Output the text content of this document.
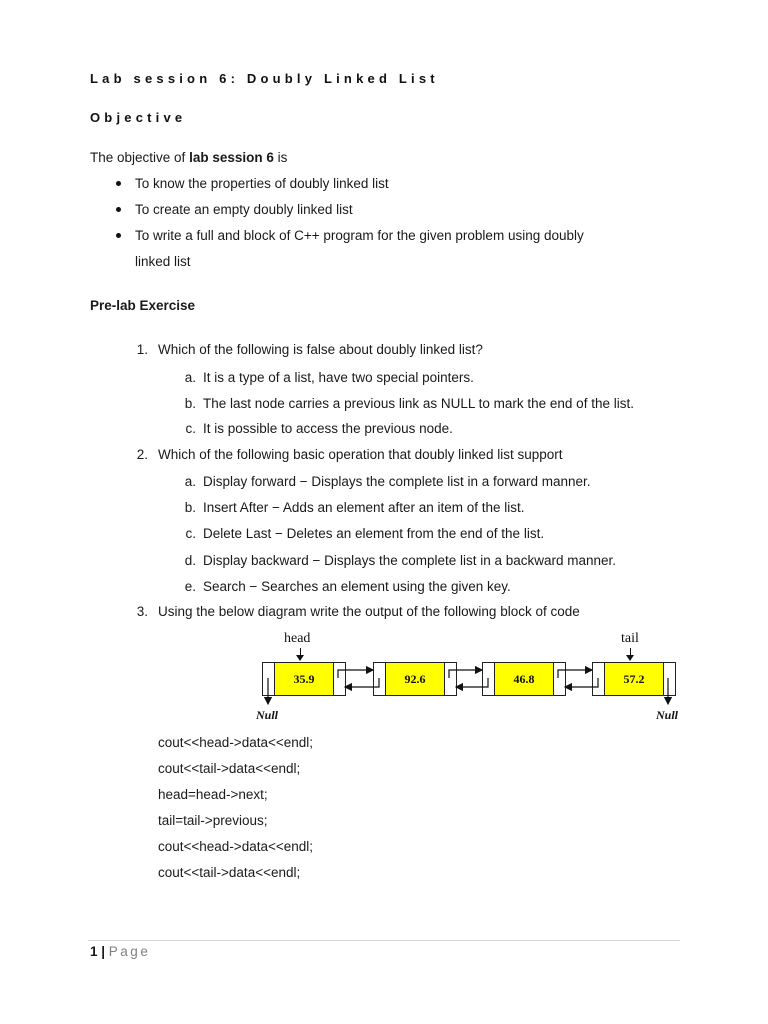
Lab session 6: Doubly Linked List
Objective
The objective of lab session 6 is
To know the properties of doubly linked list
To create an empty doubly linked list
To write a full and block of C++ program for the given problem using doubly
linked list
Pre-lab Exercise
1. Which of the following is false about doubly linked list?
a. It is a type of a list, have two special pointers.
b. The last node carries a previous link as NULL to mark the end of the list.
c. It is possible to access the previous node.
2. Which of the following basic operation that doubly linked list support
a. Display forward − Displays the complete list in a forward manner.
b. Insert After − Adds an element after an item of the list.
c. Delete Last − Deletes an element from the end of the list.
d. Display backward − Displays the complete list in a backward manner.
e. Search − Searches an element using the given key.
3. Using the below diagram write the output of the following block of code
head	tail
35.9	92.6	46.8	57.2
Null	Null
cout<<head->data<<endl;
cout<<tail->data<<endl;
head=head->next;
tail=tail->previous;
cout<<head->data<<endl;
cout<<tail->data<<endl;
1 | Page
